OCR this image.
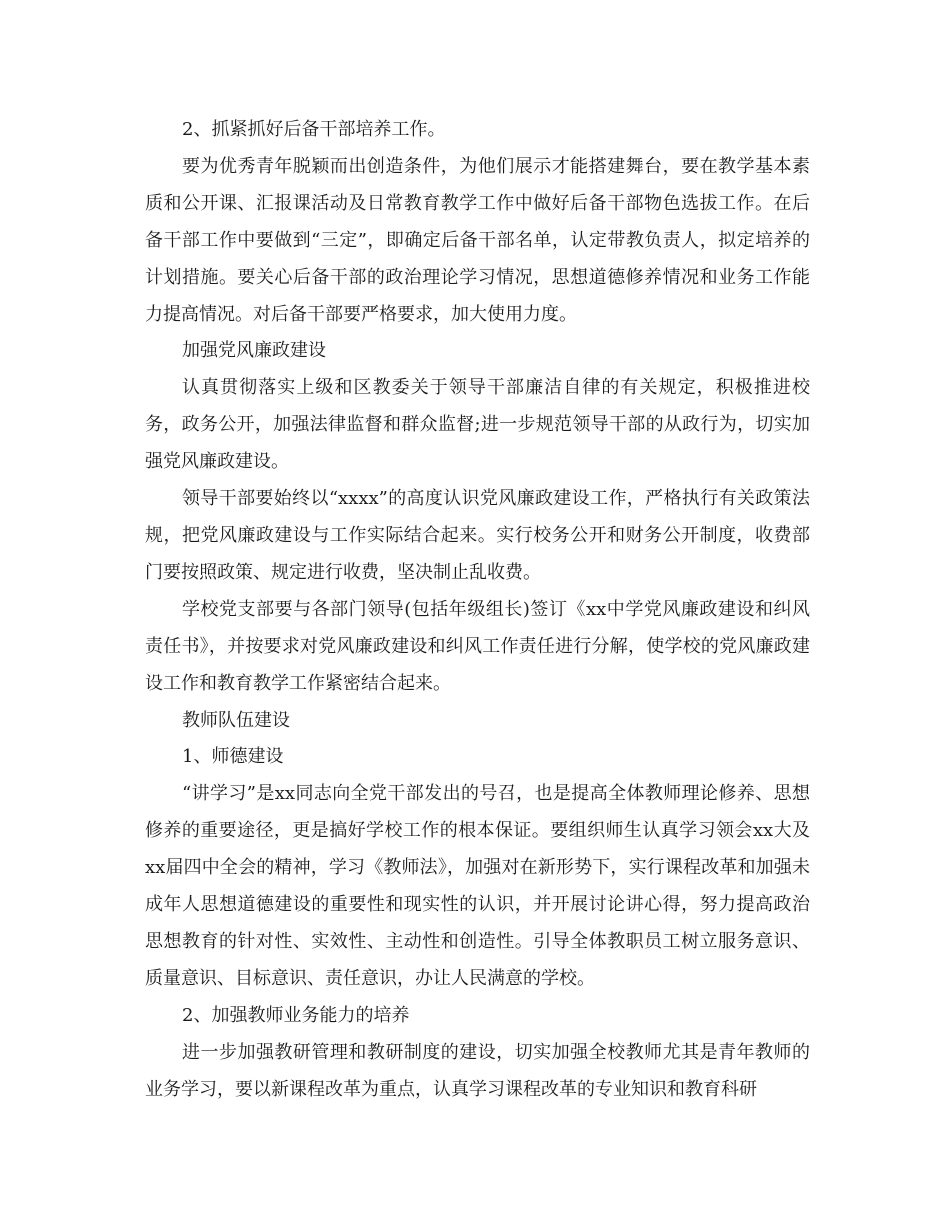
2、抓紧抓好后备干部培养工作。

要为优秀青年脱颖而出创造条件，为他们展示才能搭建舞台，要在教学基本素质和公开课、汇报课活动及日常教育教学工作中做好后备干部物色选拔工作。在后备干部工作中要做到“三定”，即确定后备干部名单，认定带教负责人，拟定培养的计划措施。要关心后备干部的政治理论学习情况，思想道德修养情况和业务工作能力提高情况。对后备干部要严格要求，加大使用力度。

加强党风廉政建设

认真贯彻落实上级和区教委关于领导干部廉洁自律的有关规定，积极推进校务，政务公开，加强法律监督和群众监督;进一步规范领导干部的从政行为，切实加强党风廉政建设。

领导干部要始终以“xxxx”的高度认识党风廉政建设工作，严格执行有关政策法规，把党风廉政建设与工作实际结合起来。实行校务公开和财务公开制度，收费部门要按照政策、规定进行收费，坚决制止乱收费。

学校党支部要与各部门领导(包括年级组长)签订《xx中学党风廉政建设和纠风责任书》，并按要求对党风廉政建设和纠风工作责任进行分解，使学校的党风廉政建设工作和教育教学工作紧密结合起来。

教师队伍建设

1、师德建设

“讲学习”是xx同志向全党干部发出的号召，也是提高全体教师理论修养、思想修养的重要途径，更是搞好学校工作的根本保证。要组织师生认真学习领会xx大及xx届四中全会的精神，学习《教师法》，加强对在新形势下，实行课程改革和加强未成年人思想道德建设的重要性和现实性的认识，并开展讨论讲心得，努力提高政治思想教育的针对性、实效性、主动性和创造性。引导全体教职员工树立服务意识、质量意识、目标意识、责任意识，办让人民满意的学校。

2、加强教师业务能力的培养

进一步加强教研管理和教研制度的建设，切实加强全校教师尤其是青年教师的业务学习，要以新课程改革为重点，认真学习课程改革的专业知识和教育科研
